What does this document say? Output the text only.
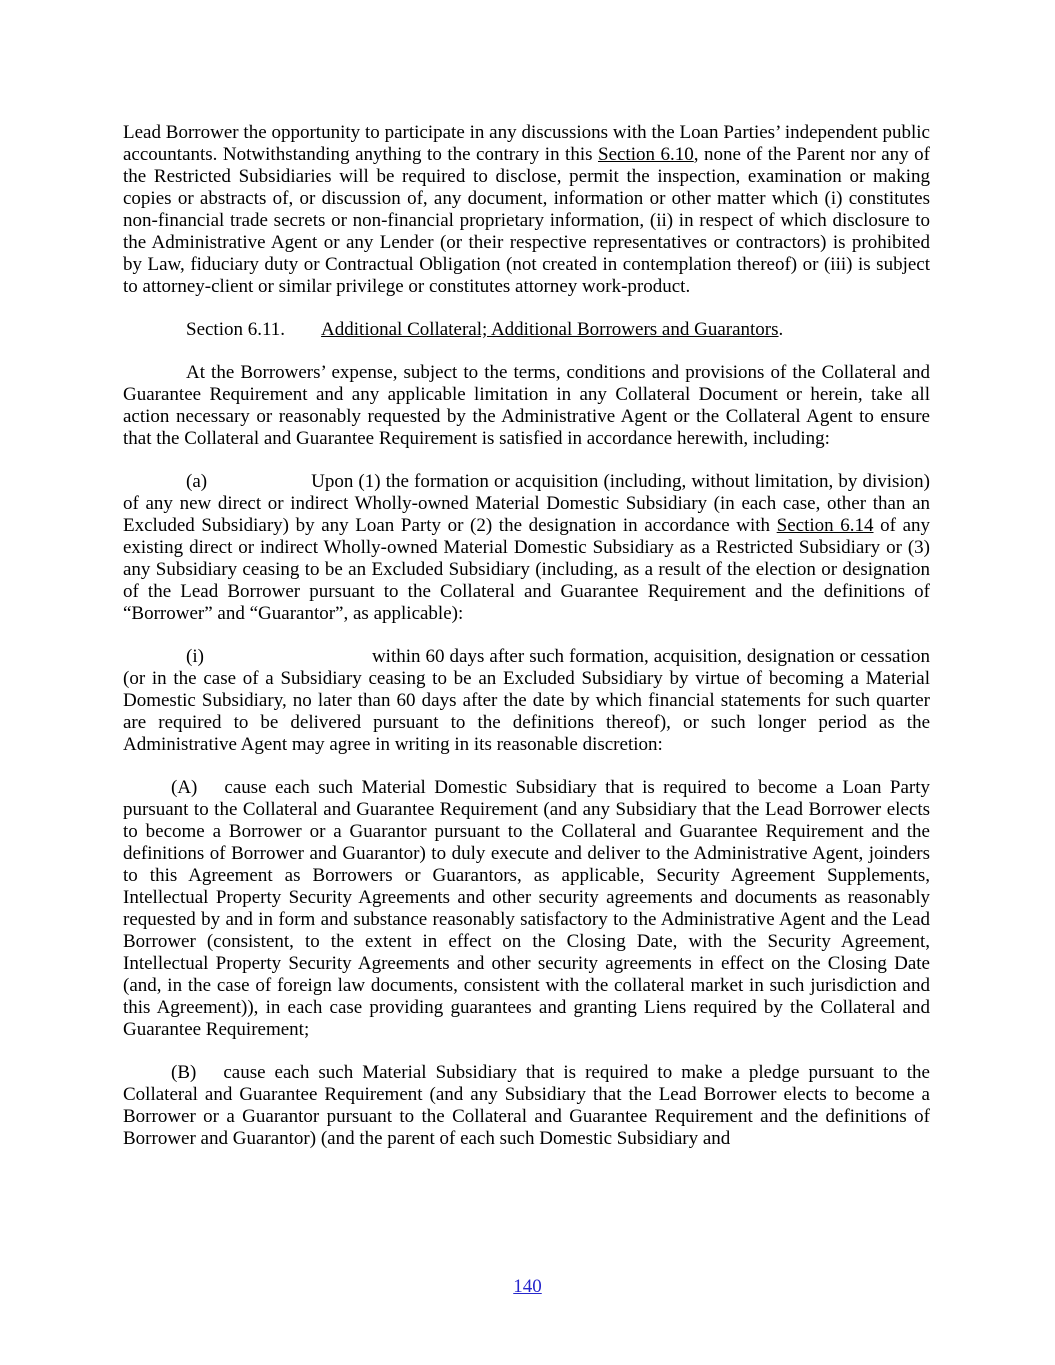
Lead Borrower the opportunity to participate in any discussions with the Loan Parties’ independent public accountants. Notwithstanding anything to the contrary in this Section 6.10, none of the Parent nor any of the Restricted Subsidiaries will be required to disclose, permit the inspection, examination or making copies or abstracts of, or discussion of, any document, information or other matter which (i) constitutes non-financial trade secrets or non-financial proprietary information, (ii) in respect of which disclosure to the Administrative Agent or any Lender (or their respective representatives or contractors) is prohibited by Law, fiduciary duty or Contractual Obligation (not created in contemplation thereof) or (iii) is subject to attorney-client or similar privilege or constitutes attorney work-product.

Section 6.11. Additional Collateral; Additional Borrowers and Guarantors.

At the Borrowers’ expense, subject to the terms, conditions and provisions of the Collateral and Guarantee Requirement and any applicable limitation in any Collateral Document or herein, take all action necessary or reasonably requested by the Administrative Agent or the Collateral Agent to ensure that the Collateral and Guarantee Requirement is satisfied in accordance herewith, including:

(a)	Upon (1) the formation or acquisition (including, without limitation, by division) of any new direct or indirect Wholly-owned Material Domestic Subsidiary (in each case, other than an Excluded Subsidiary) by any Loan Party or (2) the designation in accordance with Section 6.14 of any existing direct or indirect Wholly-owned Material Domestic Subsidiary as a Restricted Subsidiary or (3) any Subsidiary ceasing to be an Excluded Subsidiary (including, as a result of the election or designation of the Lead Borrower pursuant to the Collateral and Guarantee Requirement and the definitions of “Borrower” and “Guarantor”, as applicable):

(i)	within 60 days after such formation, acquisition, designation or cessation (or in the case of a Subsidiary ceasing to be an Excluded Subsidiary by virtue of becoming a Material Domestic Subsidiary, no later than 60 days after the date by which financial statements for such quarter are required to be delivered pursuant to the definitions thereof), or such longer period as the Administrative Agent may agree in writing in its reasonable discretion:

(A) cause each such Material Domestic Subsidiary that is required to become a Loan Party pursuant to the Collateral and Guarantee Requirement (and any Subsidiary that the Lead Borrower elects to become a Borrower or a Guarantor pursuant to the Collateral and Guarantee Requirement and the definitions of Borrower and Guarantor) to duly execute and deliver to the Administrative Agent, joinders to this Agreement as Borrowers or Guarantors, as applicable, Security Agreement Supplements, Intellectual Property Security Agreements and other security agreements and documents as reasonably requested by and in form and substance reasonably satisfactory to the Administrative Agent and the Lead Borrower (consistent, to the extent in effect on the Closing Date, with the Security Agreement, Intellectual Property Security Agreements and other security agreements in effect on the Closing Date (and, in the case of foreign law documents, consistent with the collateral market in such jurisdiction and this Agreement)), in each case providing guarantees and granting Liens required by the Collateral and Guarantee Requirement;

(B) cause each such Material Subsidiary that is required to make a pledge pursuant to the Collateral and Guarantee Requirement (and any Subsidiary that the Lead Borrower elects to become a Borrower or a Guarantor pursuant to the Collateral and Guarantee Requirement and the definitions of Borrower and Guarantor) (and the parent of each such Domestic Subsidiary and

140
